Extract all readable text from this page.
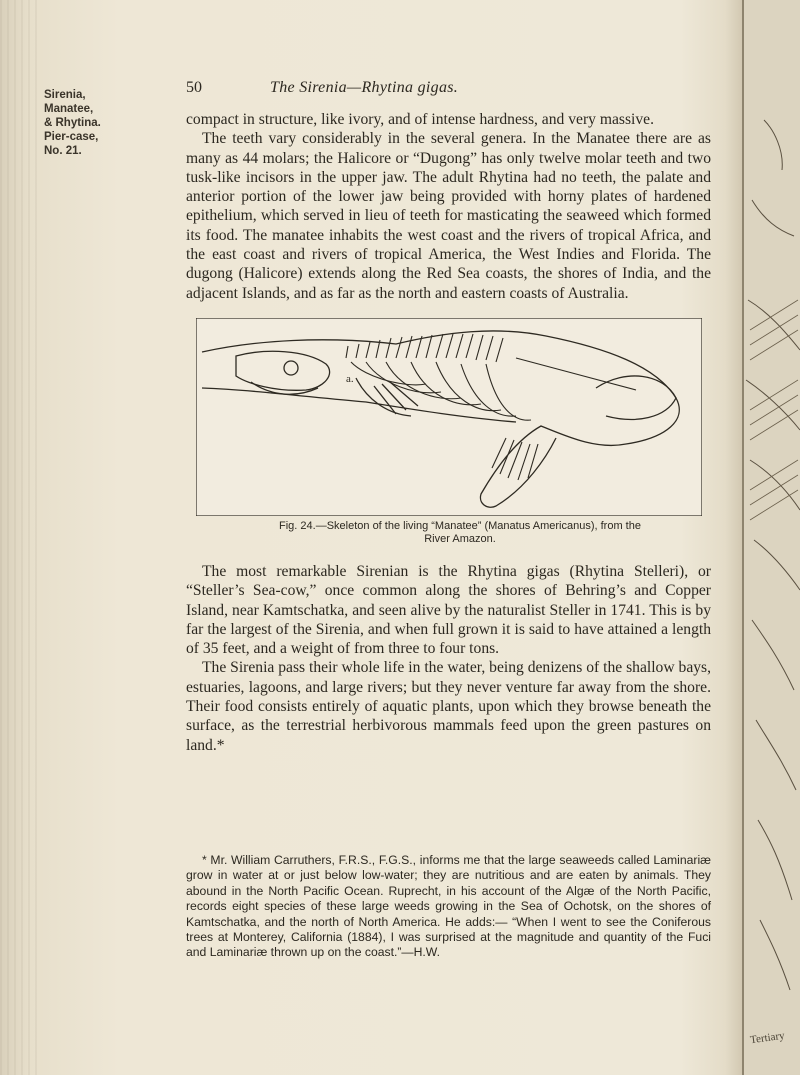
Sirenia,
Manatee,
& Rhytina.
Pier-case,
No. 21.
50	The Sirenia—Rhytina gigas.

compact in structure, like ivory, and of intense hardness, and very massive.

The teeth vary considerably in the several genera. In the Manatee there are as many as 44 molars; the Halicore or “Dugong” has only twelve molar teeth and two tusk-like incisors in the upper jaw. The adult Rhytina had no teeth, the palate and anterior portion of the lower jaw being provided with horny plates of hardened epithelium, which served in lieu of teeth for masticating the seaweed which formed its food. The manatee inhabits the west coast and the rivers of tropical Africa, and the east coast and rivers of tropical America, the West Indies and Florida. The dugong (Halicore) extends along the Red Sea coasts, the shores of India, and the adjacent Islands, and as far as the north and eastern coasts of Australia.

a.
Fig. 24.—Skeleton of the living “Manatee” (Manatus Americanus), from the
River Amazon.

The most remarkable Sirenian is the Rhytina gigas (Rhytina Stelleri), or “Steller’s Sea-cow,” once common along the shores of Behring’s and Copper Island, near Kamtschatka, and seen alive by the naturalist Steller in 1741. This is by far the largest of the Sirenia, and when full grown it is said to have attained a length of 35 feet, and a weight of from three to four tons.

The Sirenia pass their whole life in the water, being denizens of the shallow bays, estuaries, lagoons, and large rivers; but they never venture far away from the shore. Their food consists entirely of aquatic plants, upon which they browse beneath the surface, as the terrestrial herbivorous mammals feed upon the green pastures on land.*

* Mr. William Carruthers, F.R.S., F.G.S., informs me that the large seaweeds called Laminariæ grow in water at or just below low-water; they are nutritious and are eaten by animals. They abound in the North Pacific Ocean. Ruprecht, in his account of the Algæ of the North Pacific, records eight species of these large weeds growing in the Sea of Ochotsk, on the shores of Kamtschatka, and the north of North America. He adds:— “When I went to see the Coniferous trees at Monterey, California (1884), I was surprised at the magnitude and quantity of the Fuci and Laminariæ thrown up on the coast.”—H.W.

Tertiary
